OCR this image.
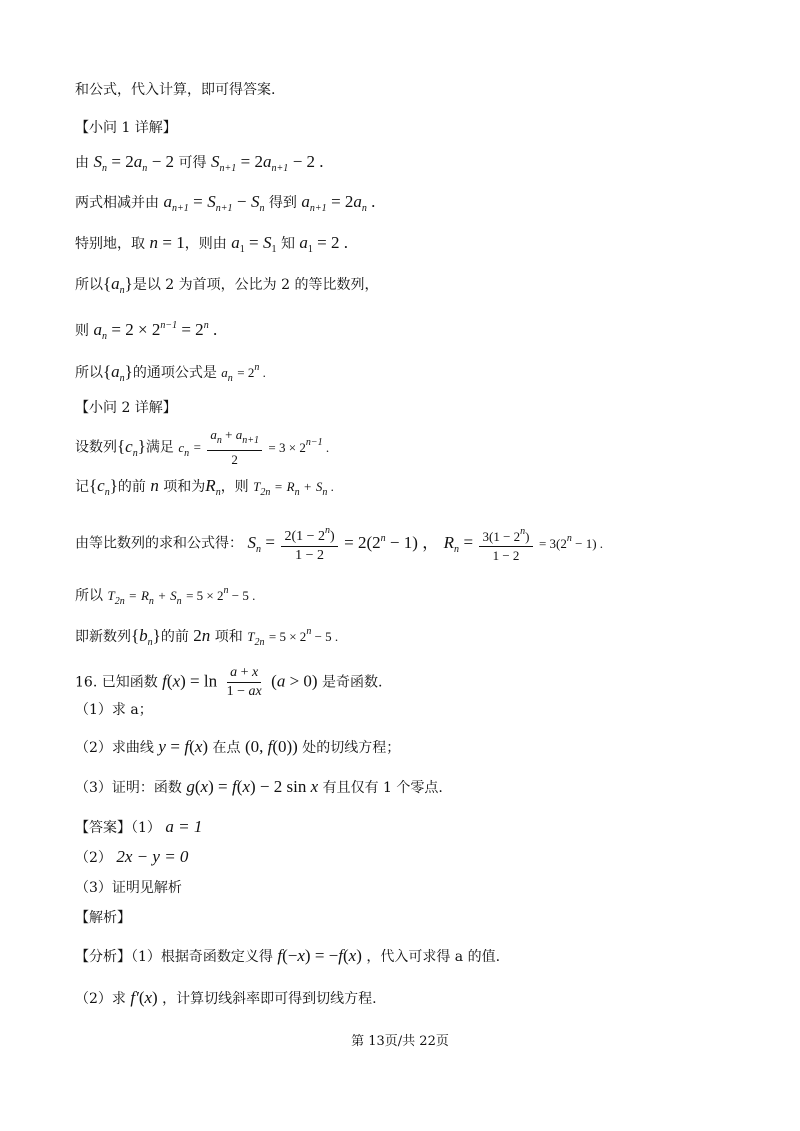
和公式，代入计算，即可得答案.
【小问 1 详解】
由 $S_n = 2a_n - 2$ 可得 $S_{n+1} = 2a_{n+1} - 2$ .
两式相减并由 $a_{n+1} = S_{n+1} - S_n$ 得到 $a_{n+1} = 2a_n$ .
特别地，取 n = 1，则由 $a_1 = S_1$ 知 $a_1 = 2$ .
所以$\{a_n\}$是以 2 为首项，公比为 2 的等比数列，
则 $a_n = 2 \times 2^{n-1} = 2^n$ .
所以$\{a_n\}$的通项公式是 $a_n = 2^n$ .
【小问 2 详解】
设数列$\{c_n\}$满足 $c_n = \frac{a_n + a_{n+1}}{2} = 3 \times 2^{n-1}$ .
记$\{c_n\}$的前 n 项和为$R_n$，则 $T_{2n} = R_n + S_n$ .
由等比数列的求和公式得： $S_n = \frac{2(1 - 2^n)}{1 - 2} = 2(2^n - 1)$ ， $R_n = \frac{3(1 - 2^n)}{1 - 2} = 3(2^n - 1)$ .
所以 $T_{2n} = R_n + S_n = 5 \times 2^n - 5$ .
即新数列$\{b_n\}$的前 2n 项和 $T_{2n} = 5 \times 2^n - 5$ .
16. 已知函数 $f(x) = \ln \frac{a + x}{1 - ax} (a > 0)$ 是奇函数.
（1）求 a；
（2）求曲线 y = f(x) 在点 (0, f(0)) 处的切线方程；
（3）证明：函数 g(x) = f(x) − 2 sin x 有且仅有 1 个零点.
【答案】（1） a = 1
（2） 2x − y = 0
（3）证明见解析
【解析】
【分析】（1）根据奇函数定义得 f(−x) = −f(x) ，代入可求得 a 的值.
（2）求 f′(x) ，计算切线斜率即可得到切线方程.
第 13页/共 22页
